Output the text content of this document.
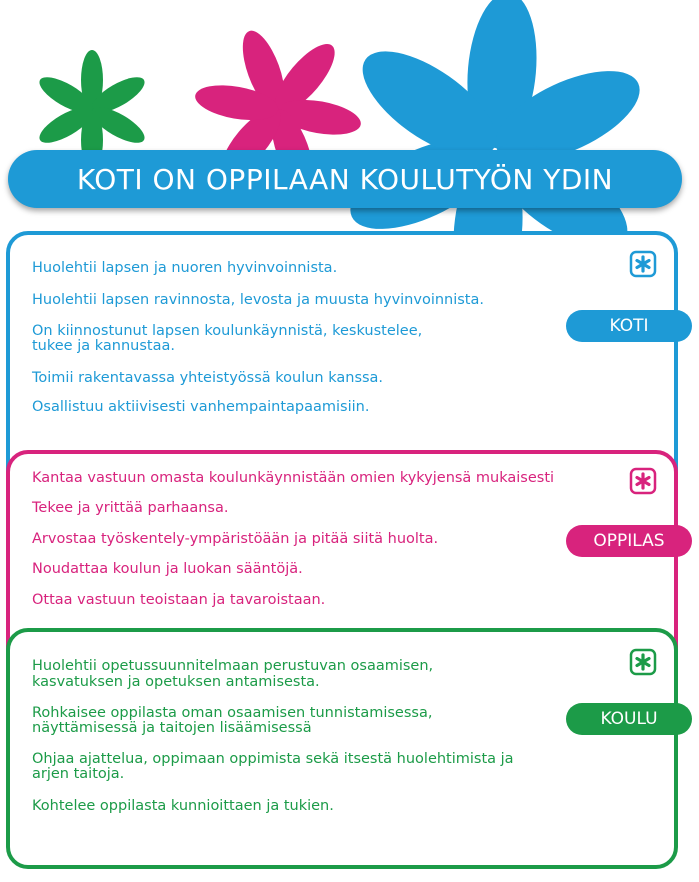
KOTI ON OPPILAAN KOULUTYÖN YDIN

Huolehtii lapsen ja nuoren hyvinvoinnista.

Huolehtii lapsen ravinnosta, levosta ja muusta hyvinvoinnista.

On kiinnostunut lapsen koulunkäynnistä, keskustelee,

tukee ja kannustaa.

Toimii rakentavassa yhteistyössä koulun kanssa.

Osallistuu aktiivisesti vanhempaintapaamisiin.

Kantaa vastuun omasta koulunkäynnistään omien kykyjensä mukaisesti

Tekee ja yrittää parhaansa.

Arvostaa työskentely-ympäristöään ja pitää siitä huolta.

Noudattaa koulun ja luokan sääntöjä.

Ottaa vastuun teoistaan ja tavaroistaan.

Huolehtii opetussuunnitelmaan perustuvan osaamisen,

kasvatuksen ja opetuksen antamisesta.

Rohkaisee oppilasta oman osaamisen tunnistamisessa,

näyttämisessä ja taitojen lisäämisessä

Ohjaa ajattelua, oppimaan oppimista sekä itsestä huolehtimista ja

arjen taitoja.

Kohtelee oppilasta kunnioittaen ja tukien.

KOTI
OPPILAS
KOULU
